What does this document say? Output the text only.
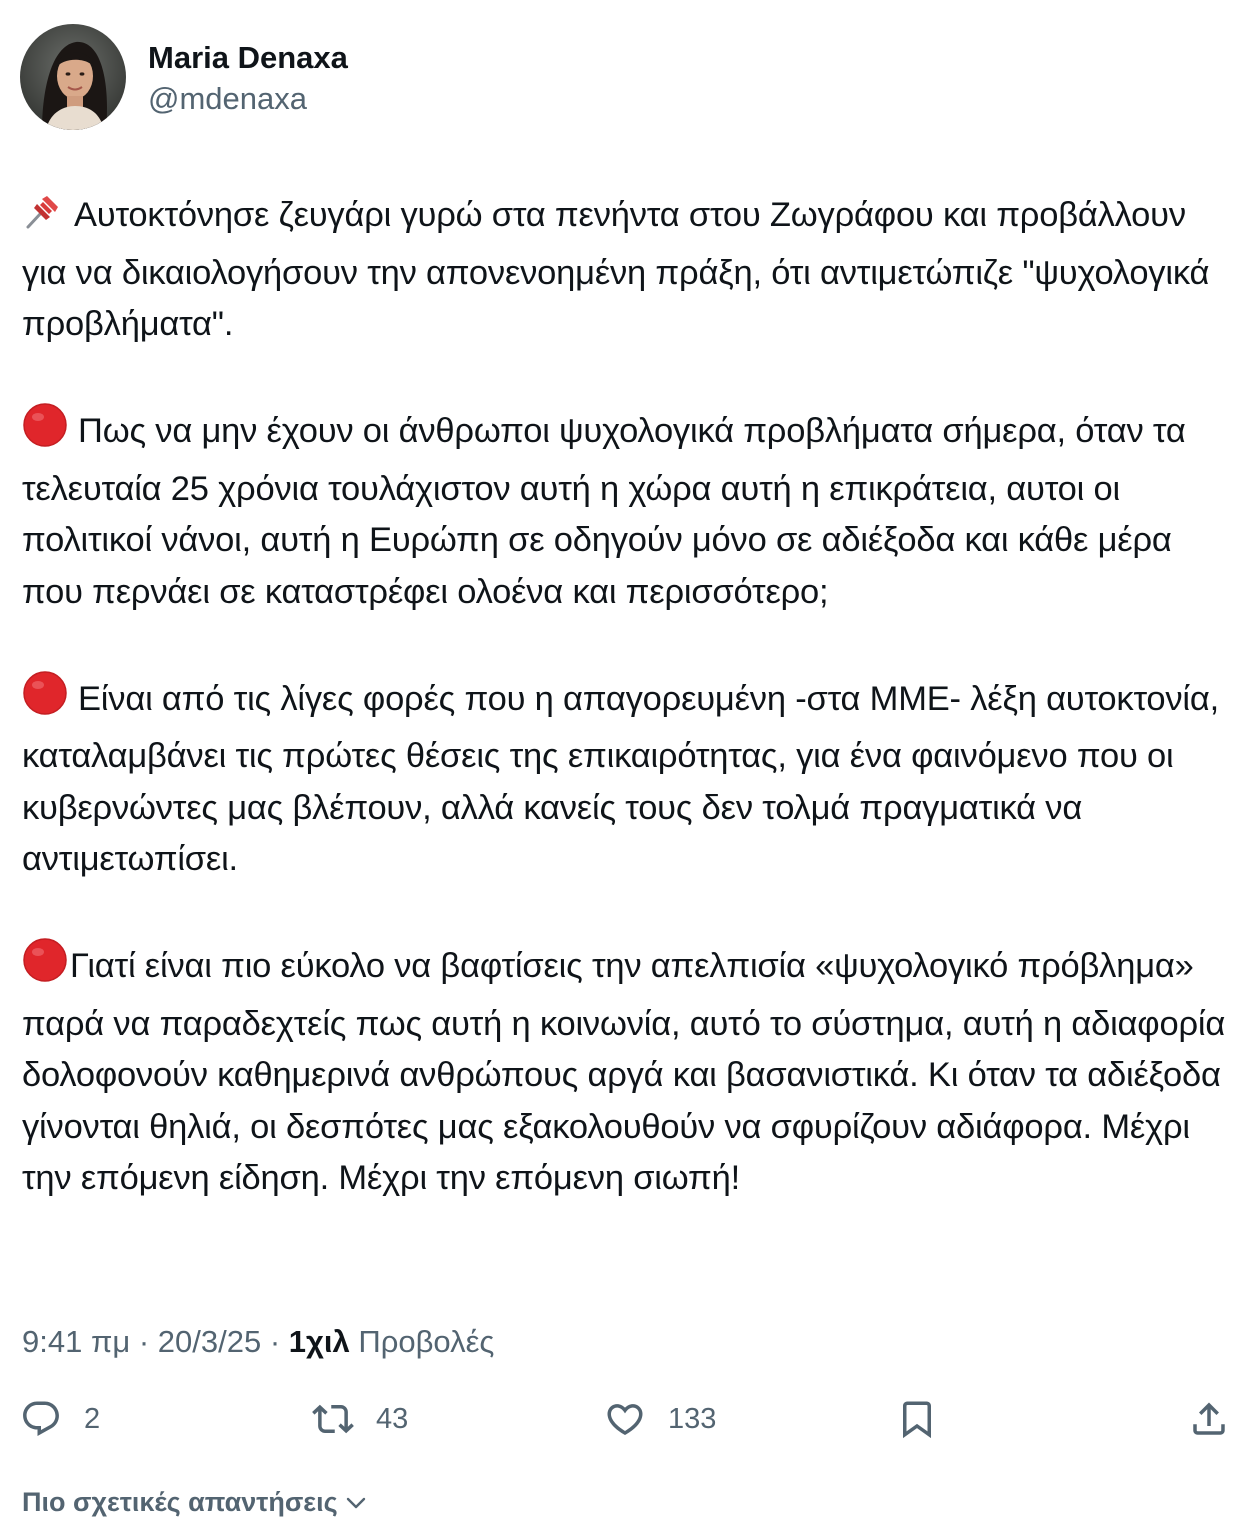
Maria Denaxa
@mdenaxa

Αυτοκτόνησε ζευγάρι γυρώ στα πενήντα στου Ζωγράφου και προβάλλουν για να δικαιολογήσουν την απονενοημένη πράξη, ότι αντιμετώπιζε "ψυχολογικά προβλήματα".

Πως να μην έχουν οι άνθρωποι ψυχολογικά προβλήματα σήμερα, όταν τα τελευταία 25 χρόνια τουλάχιστον αυτή η χώρα αυτή η επικράτεια, αυτοι οι πολιτικοί νάνοι, αυτή η Ευρώπη σε οδηγούν μόνο σε αδιέξοδα και κάθε μέρα που περνάει σε καταστρέφει ολοένα και περισσότερο;

Είναι από τις λίγες φορές που η απαγορευμένη -στα ΜΜΕ- λέξη αυτοκτονία, καταλαμβάνει τις πρώτες θέσεις της επικαιρότητας, για ένα φαινόμενο που οι κυβερνώντες μας βλέπουν, αλλά κανείς τους δεν τολμά πραγματικά να αντιμετωπίσει.

Γιατί είναι πιο εύκολο να βαφτίσεις την απελπισία «ψυχολογικό πρόβλημα» παρά να παραδεχτείς πως αυτή η κοινωνία, αυτό το σύστημα, αυτή η αδιαφορία δολοφονούν καθημερινά ανθρώπους αργά και βασανιστικά. Κι όταν τα αδιέξοδα γίνονται θηλιά, οι δεσπότες μας εξακολουθούν να σφυρίζουν αδιάφορα. Μέχρι την επόμενη είδηση. Μέχρι την επόμενη σιωπή!

9:41 πμ · 20/3/25 · 1χιλ Προβολές
2	43	133
Πιο σχετικές απαντήσεις
